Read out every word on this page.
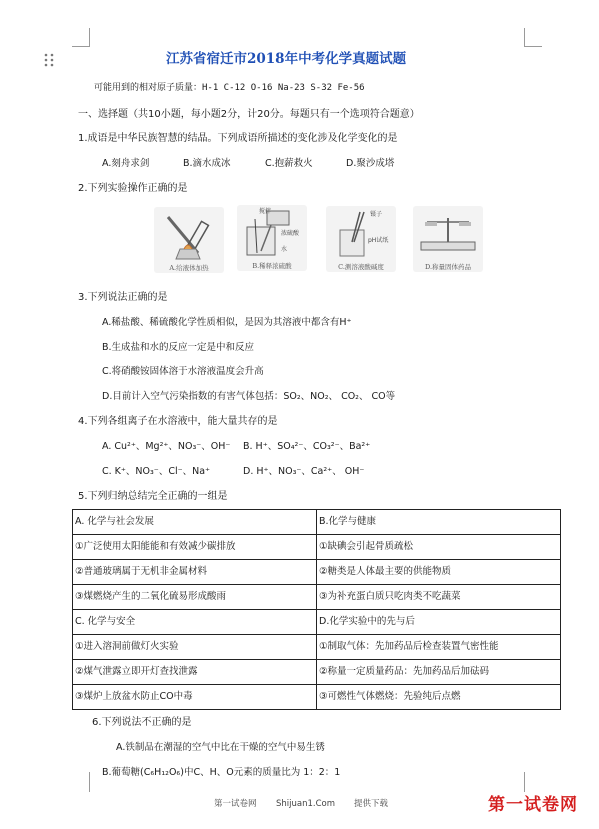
江苏省宿迁市2018年中考化学真题试题
可能用到的相对原子质量：H-1 C-12 O-16 Na-23 S-32 Fe-56
一、选择题（共10小题，每小题2分，计20分。每题只有一个选项符合题意）
1.成语是中华民族智慧的结晶。下列成语所描述的变化涉及化学变化的是
A.刻舟求剑	B.滴水成冰	C.抱薪救火	D.聚沙成塔
2.下列实验操作正确的是
A.给液体加热
搅拌
浓硫酸
水
B.稀释浓硫酸
镊子
pH试纸
C.测溶液酸碱度	D.称量固体药品
3.下列说法正确的是
A.稀盐酸、稀硫酸化学性质相似，是因为其溶液中都含有H⁺
B.生成盐和水的反应一定是中和反应
C.将硝酸铵固体溶于水溶液温度会升高
D.目前计入空气污染指数的有害气体包括：SO₂、NO₂、 CO₂、 CO等
4.下列各组离子在水溶液中，能大量共存的是
A. Cu²⁺、Mg²⁺、NO₃⁻、OH⁻ B. H⁺、SO₄²⁻、CO₃²⁻、Ba²⁺
C. K⁺、NO₃⁻、Cl⁻、Na⁺	D. H⁺、NO₃⁻、Ca²⁺、 OH⁻
5.下列归纳总结完全正确的一组是
A. 化学与社会发展	B.化学与健康
①广泛使用太阳能能和有效减少碳排放	①缺碘会引起骨质疏松
②普通玻璃属于无机非金属材料	②糖类是人体最主要的供能物质
③煤燃烧产生的二氧化硫易形成酸雨	③为补充蛋白质只吃肉类不吃蔬菜
C. 化学与安全	D.化学实验中的先与后
①进入溶洞前做灯火实验	①制取气体：先加药品后检查装置气密性能
②煤气泄露立即开灯查找泄露	②称量一定质量药品：先加药品后加砝码
③煤炉上放盆水防止CO中毒	③可燃性气体燃烧：先验纯后点燃
6.下列说法不正确的是
A.铁制品在潮湿的空气中比在干燥的空气中易生锈
B.葡萄糖(C₆H₁₂O₆)中C、H、O元素的质量比为 1：2：1
第一试卷网 Shijuan1.Com 提供下载	第一试卷网
